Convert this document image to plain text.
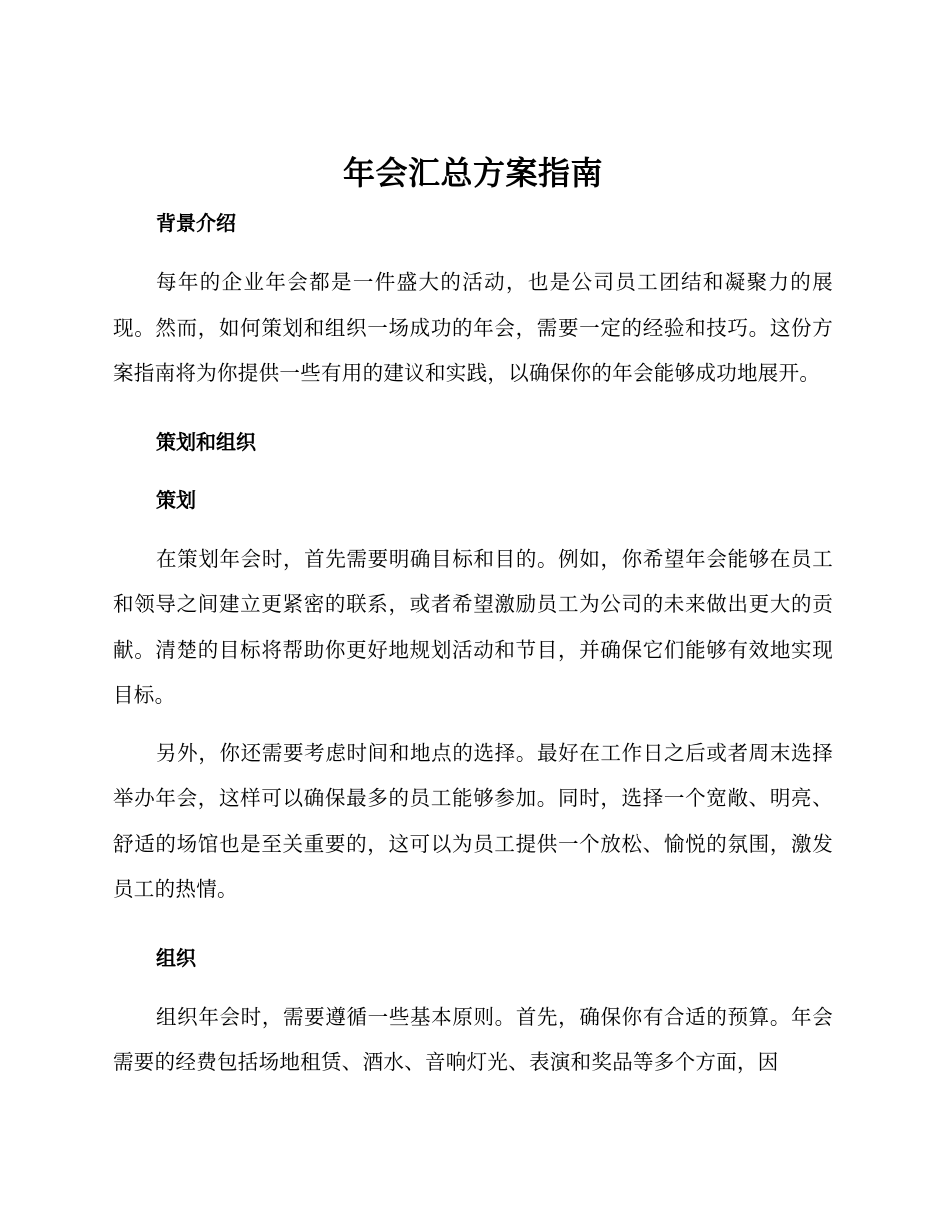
年会汇总方案指南
背景介绍

每年的企业年会都是一件盛大的活动，也是公司员工团结和凝聚力的展现。然而，如何策划和组织一场成功的年会，需要一定的经验和技巧。这份方案指南将为你提供一些有用的建议和实践，以确保你的年会能够成功地展开。

策划和组织
策划

在策划年会时，首先需要明确目标和目的。例如，你希望年会能够在员工和领导之间建立更紧密的联系，或者希望激励员工为公司的未来做出更大的贡献。清楚的目标将帮助你更好地规划活动和节目，并确保它们能够有效地实现目标。

另外，你还需要考虑时间和地点的选择。最好在工作日之后或者周末选择举办年会，这样可以确保最多的员工能够参加。同时，选择一个宽敞、明亮、舒适的场馆也是至关重要的，这可以为员工提供一个放松、愉悦的氛围，激发员工的热情。

组织

组织年会时，需要遵循一些基本原则。首先，确保你有合适的预算。年会需要的经费包括场地租赁、酒水、音响灯光、表演和奖品等多个方面，因
